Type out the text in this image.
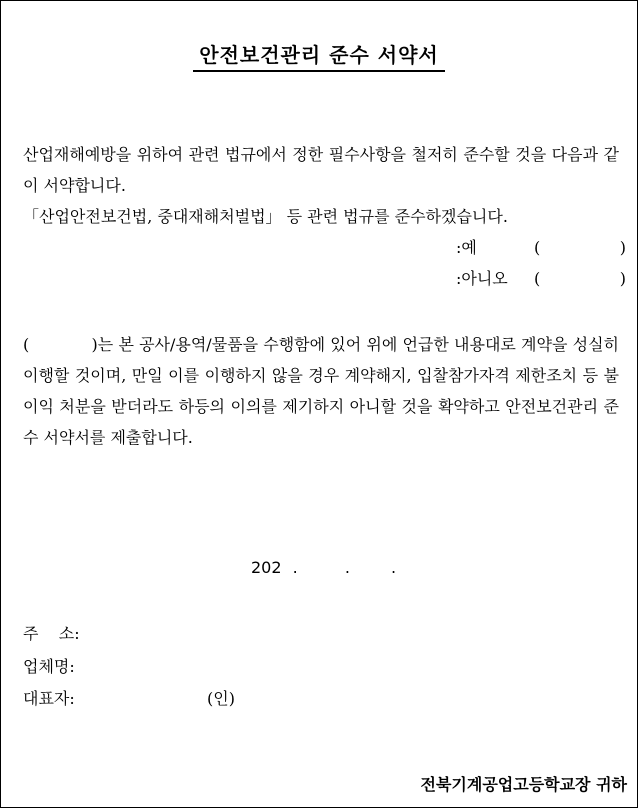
안전보건관리 준수 서약서

산업재해예방을 위하여 관련 법규에서 정한 필수사항을 철저히 준수할 것을 다음과 같이 서약합니다.
「산업안전보건법, 중대재해처벌법」 등 관련 법규를 준수하겠습니다.

:예	(	)
:아니오 (	)

(            )는 본 공사/용역/물품을 수행함에 있어 위에 언급한 내용대로 계약을 성실히 이행할 것이며, 만일 이를 이행하지 않을 경우 계약해지, 입찰참가자격 제한조치 등 불이익 처분을 받더라도 하등의 이의를 제기하지 아니할 것을 확약하고 안전보건관리 준수 서약서를 제출합니다.

202 .	.	.
주    소:
업체명:
대표자:	(인)
전북기계공업고등학교장 귀하
